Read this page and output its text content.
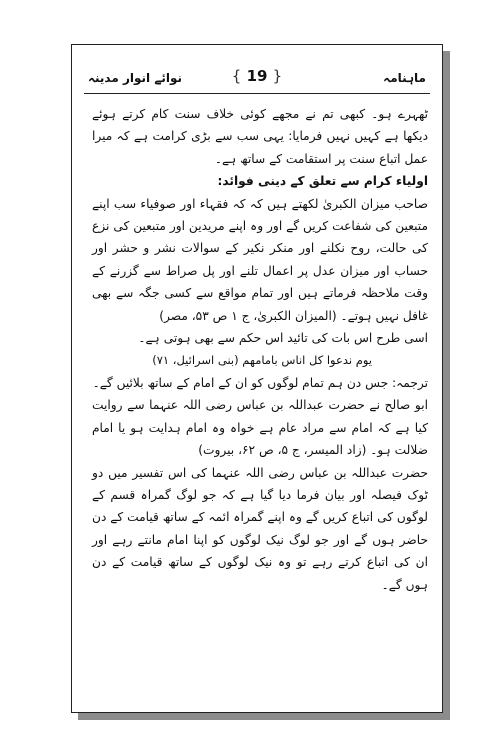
ماہنامہ
{ 19 }
نوائے انوار مدینہ

ٹھہرے ہو۔ کبھی تم نے مجھے کوئی خلاف سنت کام کرتے ہوئے دیکھا ہے کہیں نہیں فرمایا: یہی سب سے بڑی کرامت ہے کہ میرا عمل اتباع سنت پر استقامت کے ساتھ ہے۔

اولیاء کرام سے تعلق کے دینی فوائد:

صاحب میزان الکبریٰ لکھتے ہیں کہ کہ فقہاء اور صوفیاء سب اپنے متبعین کی شفاعت کریں گے اور وہ اپنے مریدین اور متبعین کی نزع کی حالت، روح نکلنے اور منکر نکیر کے سوالات نشر و حشر اور حساب اور میزان عدل پر اعمال تلنے اور پل صراط سے گزرنے کے وقت ملاحظہ فرماتے ہیں اور تمام مواقع سے کسی جگہ سے بھی غافل نہیں ہوتے۔ (المیزان الکبریٰ، ج ۱ ص ۵۳، مصر)

اسی طرح اس بات کی تائید اس حکم سے بھی ہوتی ہے۔

یوم ندعوا کل اناس بامامھم (بنی اسرائیل، ۷۱)

ترجمہ: جس دن ہم تمام لوگوں کو ان کے امام کے ساتھ بلائیں گے۔

ابو صالح نے حضرت عبداللہ بن عباس رضی اللہ عنہما سے روایت کیا ہے کہ امام سے مراد عام ہے خواہ وہ امام ہدایت ہو یا امام ضلالت ہو۔ (زاد المیسر، ج ۵، ص ۶۲، بیروت)

حضرت عبداللہ بن عباس رضی اللہ عنہما کی اس تفسیر میں دو ٹوک فیصلہ اور بیان فرما دیا گیا ہے کہ جو لوگ گمراہ قسم کے لوگوں کی اتباع کریں گے وہ اپنے گمراہ ائمہ کے ساتھ قیامت کے دن حاضر ہوں گے اور جو لوگ نیک لوگوں کو اپنا امام مانتے رہے اور ان کی اتباع کرتے رہے تو وہ نیک لوگوں کے ساتھ قیامت کے دن ہوں گے۔
